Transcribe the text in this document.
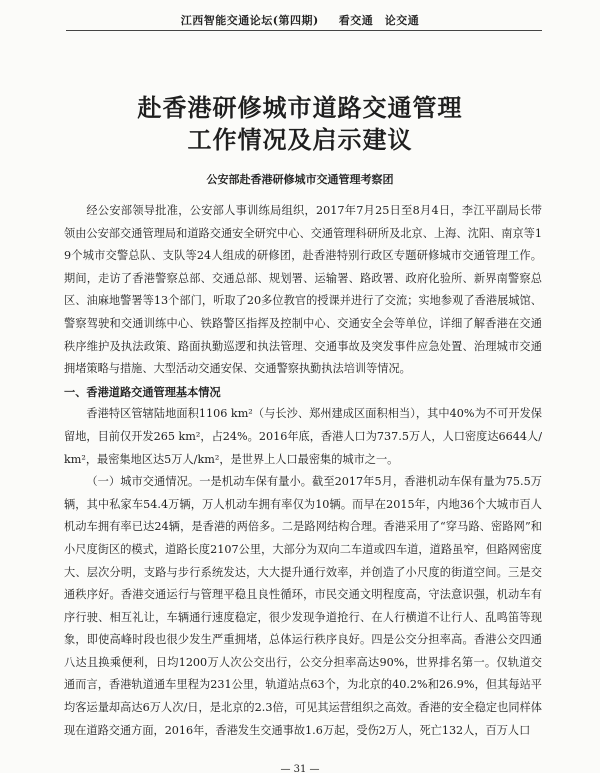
江西智能交通论坛(第四期) 看交通　论交通
赴香港研修城市道路交通管理
工作情况及启示建议
公安部赴香港研修城市交通管理考察团

经公安部领导批准，公安部人事训练局组织，2017年7月25日至8月4日，李江平副局长带领由公安部交通管理局和道路交通安全研究中心、交通管理科研所及北京、上海、沈阳、南京等19个城市交警总队、支队等24人组成的研修团，赴香港特别行政区专题研修城市交通管理工作。期间，走访了香港警察总部、交通总部、规划署、运输署、路政署、政府化验所、新界南警察总区、油麻地警署等13个部门，听取了20多位教官的授课并进行了交流；实地参观了香港展城馆、警察驾驶和交通训练中心、铁路警区指挥及控制中心、交通安全会等单位，详细了解香港在交通秩序维护及执法政策、路面执勤巡逻和执法管理、交通事故及突发事件应急处置、治理城市交通拥堵策略与措施、大型活动交通安保、交通警察执勤执法培训等情况。

一、香港道路交通管理基本情况

香港特区管辖陆地面积1106 km²（与长沙、郑州建成区面积相当），其中40%为不可开发保留地，目前仅开发265 km²，占24%。2016年底，香港人口为737.5万人，人口密度达6644人/km²，最密集地区达5万人/km²，是世界上人口最密集的城市之一。

（一）城市交通情况。一是机动车保有量小。截至2017年5月，香港机动车保有量为75.5万辆，其中私家车54.4万辆，万人机动车拥有率仅为10辆。而早在2015年，内地36个大城市百人机动车拥有率已达24辆，是香港的两倍多。二是路网结构合理。香港采用了“穿马路、密路网”和小尺度街区的模式，道路长度2107公里，大部分为双向二车道或四车道，道路虽窄，但路网密度大、层次分明，支路与步行系统发达，大大提升通行效率，并创造了小尺度的街道空间。三是交通秩序好。香港交通运行与管理平稳且良性循环，市民交通文明程度高，守法意识强，机动车有序行驶、相互礼让，车辆通行速度稳定，很少发现争道抢行、在人行横道不让行人、乱鸣笛等现象，即使高峰时段也很少发生严重拥堵，总体运行秩序良好。四是公交分担率高。香港公交四通八达且换乘便利，日均1200万人次公交出行，公交分担率高达90%，世界排名第一。仅轨道交通而言，香港轨道通车里程为231公里，轨道站点63个，为北京的40.2%和26.9%，但其每站平均客运量却高达6万人次/日，是北京的2.3倍，可见其运营组织之高效。香港的安全稳定也同样体现在道路交通方面，2016年，香港发生交通事故1.6万起，受伤2万人，死亡132人，百万人口

— 31 —
